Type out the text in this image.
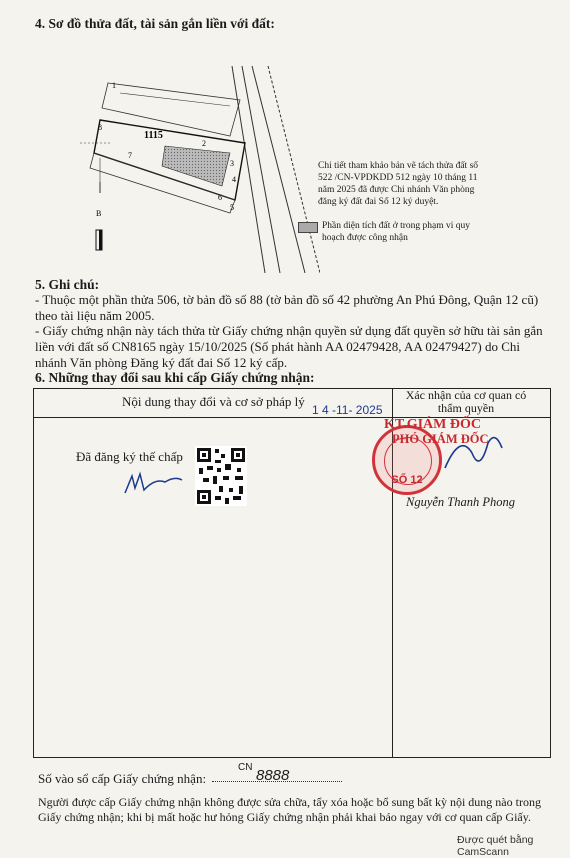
4. Sơ đồ thửa đất, tài sản gắn liền với đất:
1
2
3
4
5
6
7
8
1115
B
Chi tiết tham khảo bản vẽ tách thửa đất số 522 /CN-VPDKDD 512 ngày 10 tháng 11 năm 2025 đã được Chi nhánh Văn phòng đăng ký đất đai Số 12 ký duyệt.
Phần diện tích đất ở trong phạm vi quy hoạch được công nhận
5. Ghi chú:
- Thuộc một phần thửa 506, tờ bản đồ số 88 (tờ bản đồ số 42 phường An Phú Đông, Quận 12 cũ) theo tài liệu năm 2005.
- Giấy chứng nhận này tách thửa từ Giấy chứng nhận quyền sử dụng đất quyền sở hữu tài sản gắn liền với đất số CN8165 ngày 15/10/2025 (Số phát hành AA 02479428, AA 02479427) do Chi nhánh Văn phòng Đăng ký đất đai Số 12 ký cấp.
6. Những thay đổi sau khi cấp Giấy chứng nhận:
Nội dung thay đổi và cơ sở pháp lý	Xác nhận của cơ quan có thẩm quyền
1 4 -11- 2025
Đã đăng ký thế chấp
SỐ 12
KT.GIÁM ĐỐC
PHÓ GIÁM ĐỐC
Nguyễn Thanh Phong
Số vào sổ cấp Giấy chứng nhận:
CN 8888
Người được cấp Giấy chứng nhận không được sửa chữa, tẩy xóa hoặc bổ sung bất kỳ nội dung nào trong Giấy chứng nhận; khi bị mất hoặc hư hỏng Giấy chứng nhận phải khai báo ngay với cơ quan cấp Giấy.
Được quét bằng CamScann
